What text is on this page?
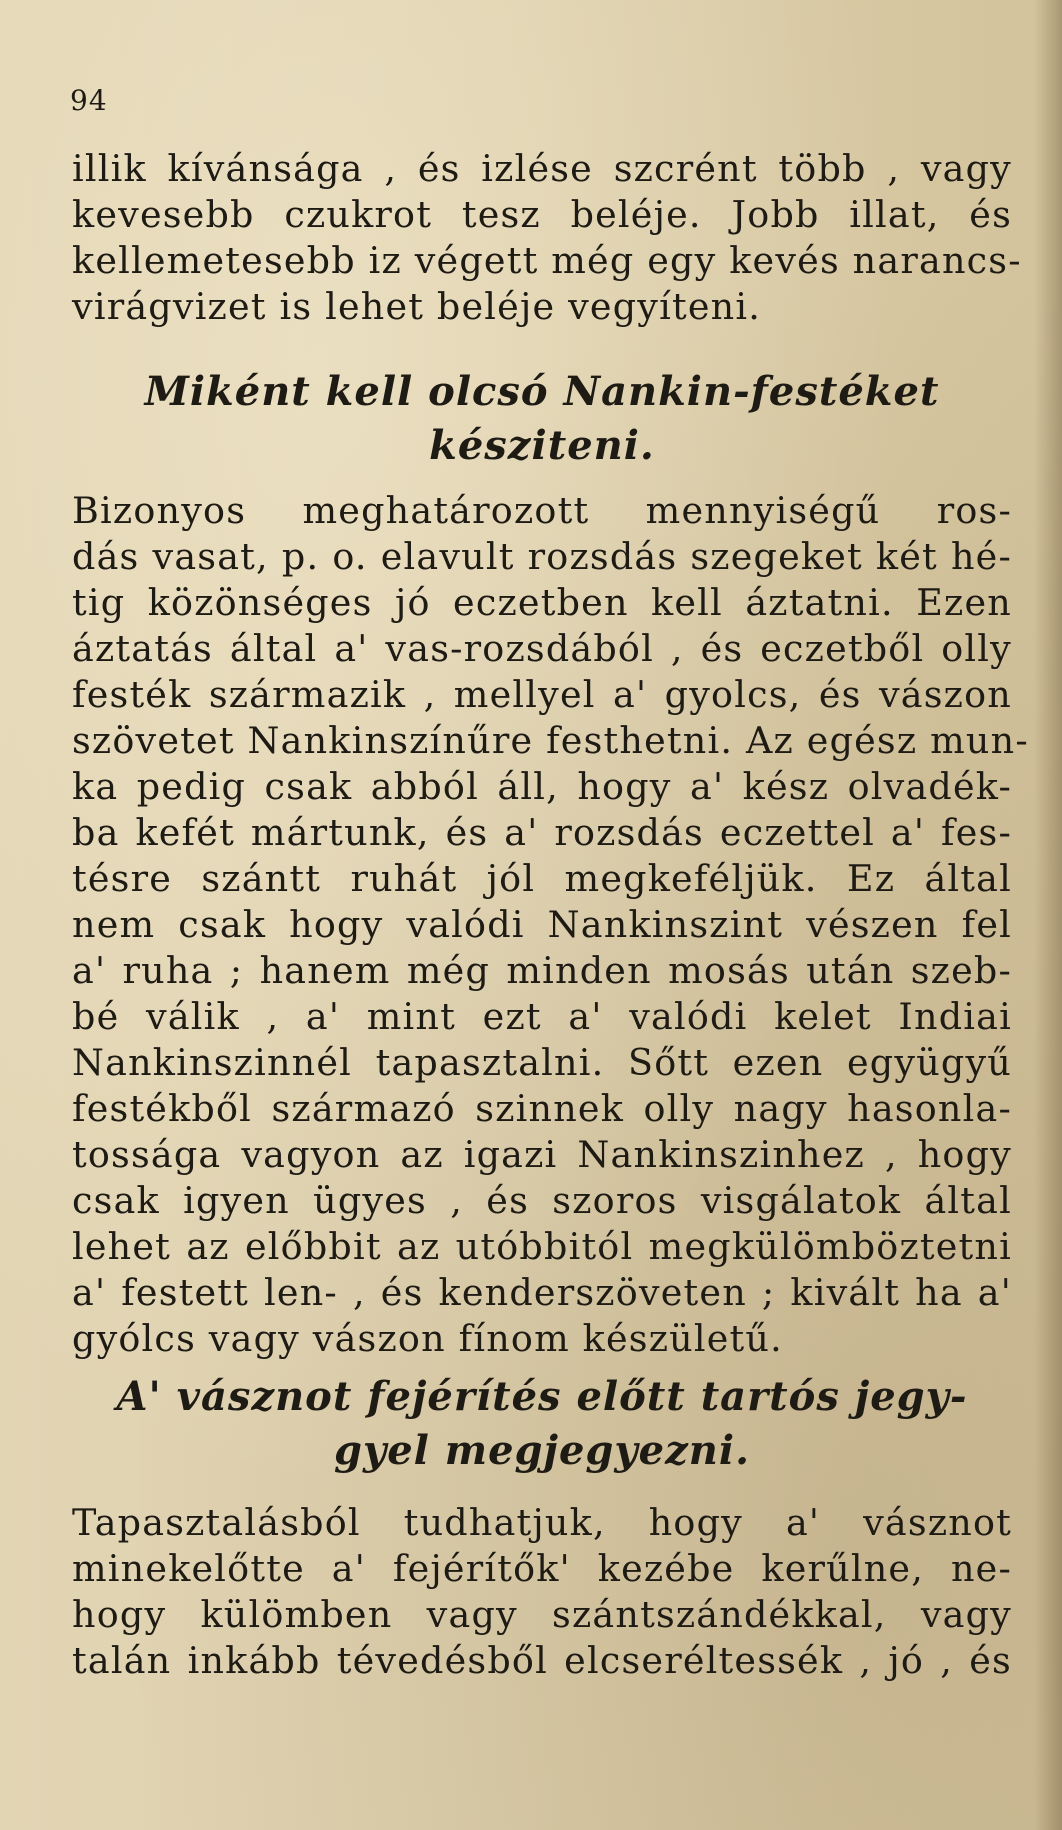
94
illik kívánsága , és izlése szcrént több , vagy
kevesebb czukrot tesz beléje. Jobb illat, és
kellemetesebb iz végett még egy kevés narancs-
virágvizet is lehet beléje vegyíteni.
Miként kell olcsó Nankin-festéket
késziteni.
Bizonyos meghatározott mennyiségű ros-
dás vasat, p. o. elavult rozsdás szegeket két hé-
tig közönséges jó eczetben kell áztatni. Ezen
áztatás által a' vas-rozsdából , és eczetből olly
festék származik , mellyel a' gyolcs, és vászon
szövetet Nankinszínűre festhetni. Az egész mun-
ka pedig csak abból áll, hogy a' kész olvadék-
ba kefét mártunk, és a' rozsdás eczettel a' fes-
tésre szántt ruhát jól megkeféljük. Ez által
nem csak hogy valódi Nankinszint vészen fel
a' ruha ; hanem még minden mosás után szeb-
bé válik , a' mint ezt a' valódi kelet Indiai
Nankinszinnél tapasztalni. Sőtt ezen együgyű
festékből származó szinnek olly nagy hasonla-
tossága vagyon az igazi Nankinszinhez , hogy
csak igyen ügyes , és szoros visgálatok által
lehet az előbbit az utóbbitól megkülömböztetni
a' festett len- , és kenderszöveten ; kivált ha a'
gyólcs vagy vászon fínom készületű.
A' vásznot fejérítés előtt tartós jegy-
gyel megjegyezni.
Tapasztalásból tudhatjuk, hogy a' vásznot
minekelőtte a' fejérítők' kezébe kerűlne, ne-
hogy külömben vagy szántszándékkal, vagy
talán inkább tévedésből elcseréltessék , jó , és
